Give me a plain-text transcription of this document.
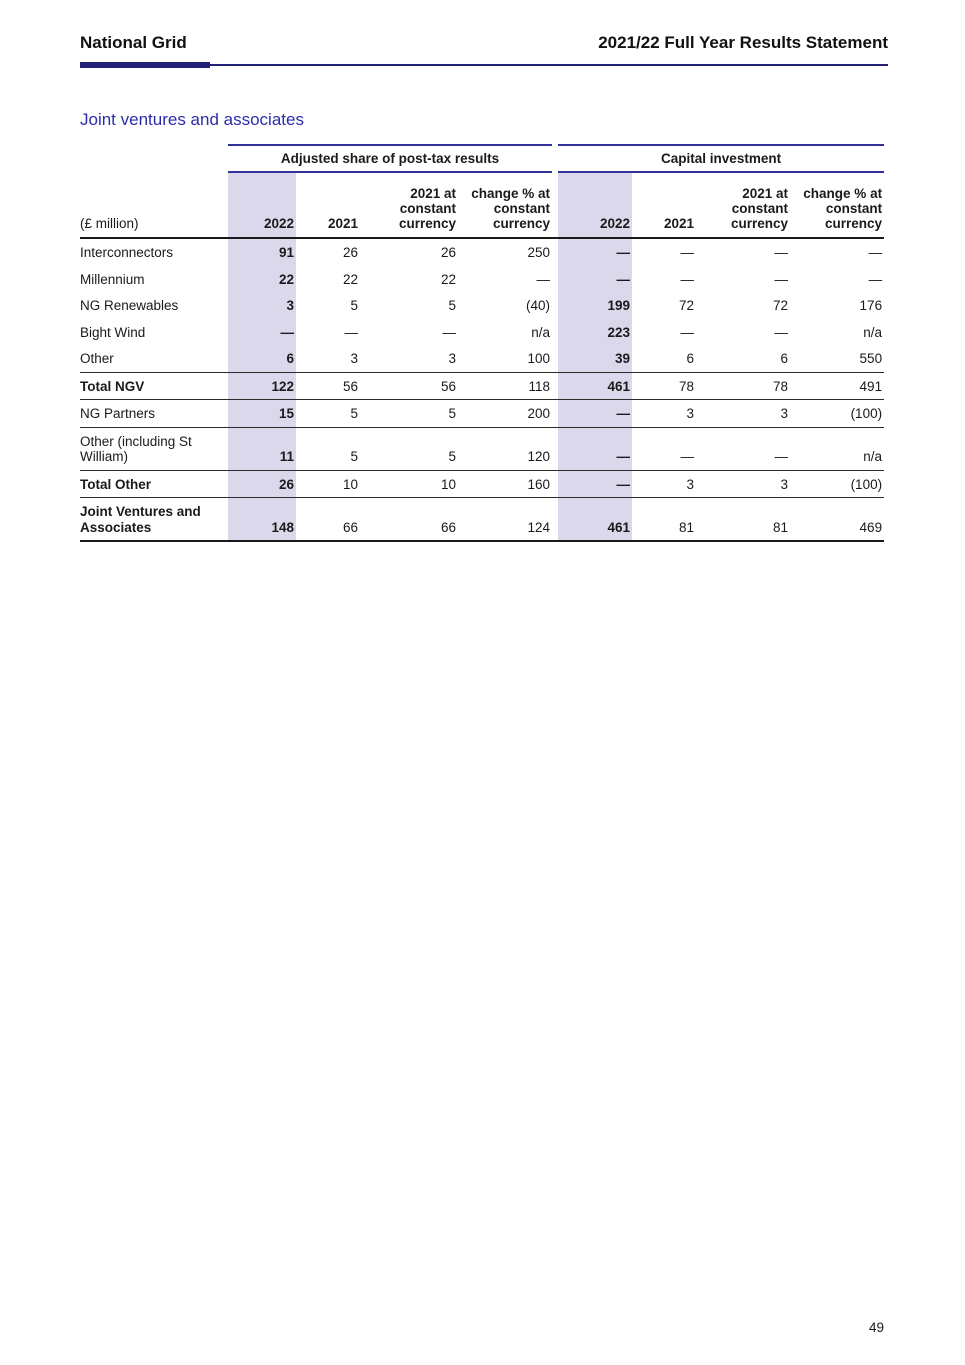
National Grid	2021/22 Full Year Results Statement
Joint ventures and associates
	Adjusted share of post-tax results					Capital investment			
(£ million)	2022	2021	2021 at constant currency	change % at constant currency		2022	2021	2021 at constant currency	change % at constant currency
Interconnectors	91	26	26	250		—	—	—	—
Millennium	22	22	22	—		—	—	—	—
NG Renewables	3	5	5	(40)		199	72	72	176
Bight Wind	—	—	—	n/a		223	—	—	n/a
Other	6	3	3	100		39	6	6	550
Total NGV	122	56	56	118		461	78	78	491
NG Partners	15	5	5	200		—	3	3	(100)
Other (including St William)	11	5	5	120		—	—	—	n/a
Total Other	26	10	10	160		—	3	3	(100)
Joint Ventures and Associates	148	66	66	124		461	81	81	469
49
